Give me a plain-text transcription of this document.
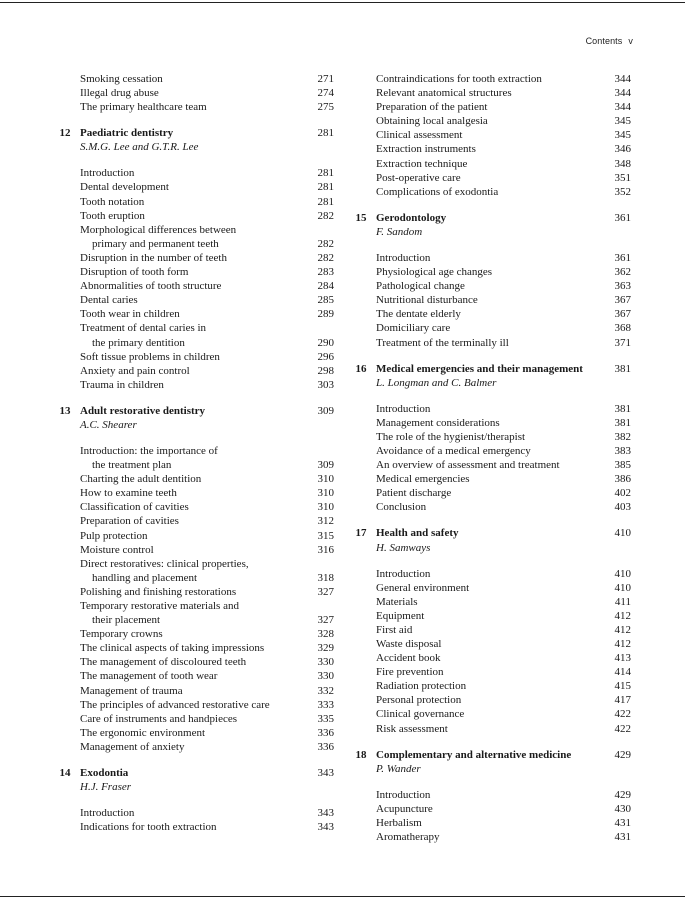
Contents v
Smoking cessation	271
Illegal drug abuse	274
The primary healthcare team	275
12 Paediatric dentistry	281
S.M.G. Lee and G.T.R. Lee
Introduction	281
Dental development	281
Tooth notation	281
Tooth eruption	282
Morphological differences between
primary and permanent teeth	282
Disruption in the number of teeth	282
Disruption of tooth form	283
Abnormalities of tooth structure	284
Dental caries	285
Tooth wear in children	289
Treatment of dental caries in
the primary dentition	290
Soft tissue problems in children	296
Anxiety and pain control	298
Trauma in children	303
13 Adult restorative dentistry	309
A.C. Shearer
Introduction: the importance of
the treatment plan	309
Charting the adult dentition	310
How to examine teeth	310
Classification of cavities	310
Preparation of cavities	312
Pulp protection	315
Moisture control	316
Direct restoratives: clinical properties,
handling and placement	318
Polishing and finishing restorations	327
Temporary restorative materials and
their placement	327
Temporary crowns	328
The clinical aspects of taking impressions	329
The management of discoloured teeth	330
The management of tooth wear	330
Management of trauma	332
The principles of advanced restorative care	333
Care of instruments and handpieces	335
The ergonomic environment	336
Management of anxiety	336
14 Exodontia	343
H.J. Fraser
Introduction	343
Indications for tooth extraction	343
Contraindications for tooth extraction	344
Relevant anatomical structures	344
Preparation of the patient	344
Obtaining local analgesia	345
Clinical assessment	345
Extraction instruments	346
Extraction technique	348
Post-operative care	351
Complications of exodontia	352
15 Gerodontology	361
F. Sandom
Introduction	361
Physiological age changes	362
Pathological change	363
Nutritional disturbance	367
The dentate elderly	367
Domiciliary care	368
Treatment of the terminally ill	371
16 Medical emergencies and their management	381
L. Longman and C. Balmer
Introduction	381
Management considerations	381
The role of the hygienist/therapist	382
Avoidance of a medical emergency	383
An overview of assessment and treatment	385
Medical emergencies	386
Patient discharge	402
Conclusion	403
17 Health and safety	410
H. Samways
Introduction	410
General environment	410
Materials	411
Equipment	412
First aid	412
Waste disposal	412
Accident book	413
Fire prevention	414
Radiation protection	415
Personal protection	417
Clinical governance	422
Risk assessment	422
18 Complementary and alternative medicine	429
P. Wander
Introduction	429
Acupuncture	430
Herbalism	431
Aromatherapy	431
